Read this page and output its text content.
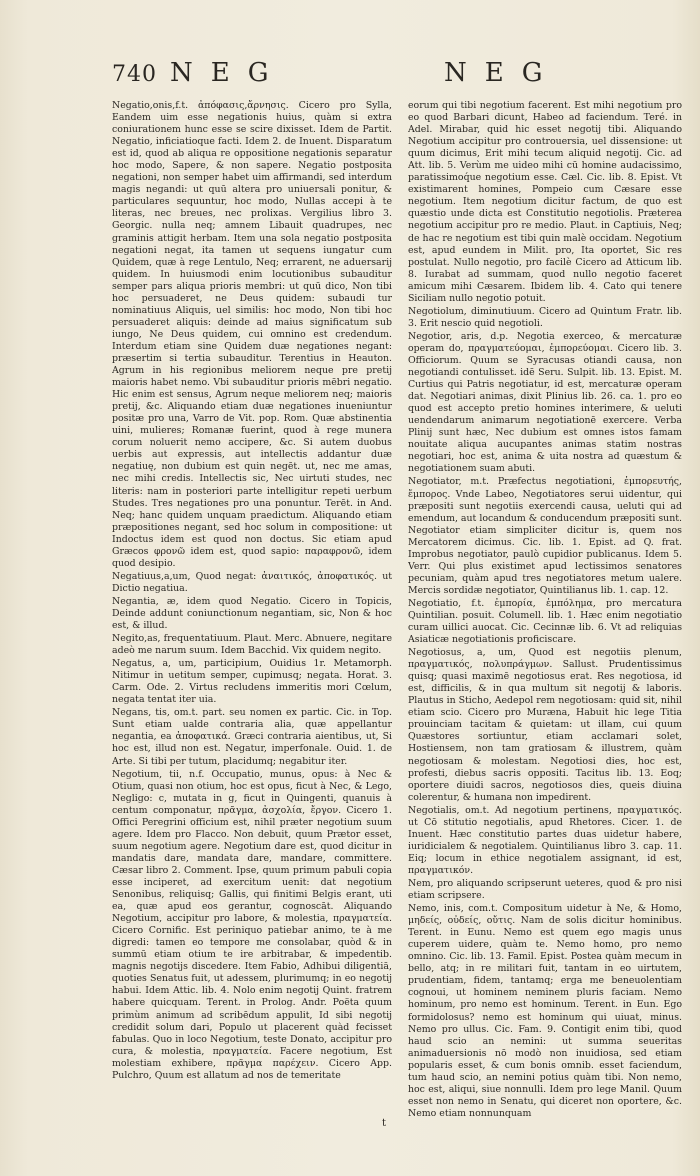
740 NEG	NEG

Negatio,onis,f.t. ἀπόφασις,ἄρνησις. Cicero pro Sylla, Eandem uim esse negationis huius, quàm si extra coniurationem hunc esse se scire dixisset. Idem de Partit. Negatio, inficiatioque facti. Idem 2. de Inuent. Disparatum est id, quod ab aliqua re oppositione negationis separatur hoc modo, Sapere, & non sapere. Negatio postposita negationi, non semper habet uim affirmandi, sed interdum magis negandi: ut quū altera pro uniuersali ponitur, & particulares sequuntur, hoc modo, Nullas accepi à te literas, nec breues, nec prolixas. Vergilius libro 3. Georgic. nulla neq; amnem Libauit quadrupes, nec graminis attigit herbam. Item una sola negatio postposita negationi negat, ita tamen ut sequens iungatur cum Quidem, quæ à rege Lentulo, Neq; errarent, ne aduersarij quidem. In huiusmodi enim locutionibus subauditur semper pars aliqua prioris membri: ut quū dico, Non tibi hoc persuaderet, ne Deus quidem: subaudi tur nominatiuus Aliquis, uel similis: hoc modo, Non tibi hoc persuaderet aliquis: deinde ad maius significatum sub iungo, Ne Deus quidem, cui omnino est credendum. Interdum etiam sine Quidem duæ negationes negant: præsertim si tertia subauditur. Terentius in Heauton. Agrum in his regionibus meliorem neque pre pretij maioris habet nemo. Vbi subauditur prioris mēbri negatio. Hic enim est sensus, Agrum neque meliorem neq; maioris pretij, &c. Aliquando etiam duæ negationes inueniuntur positæ pro una, Varro de Vit. pop. Rom. Quæ abstinentia uini, mulieres; Romanæ fuerint, quod à rege munera corum noluerit nemo accipere, &c. Si autem duobus uerbis aut expressis, aut intellectis addantur duæ negatiuę, non dubium est quin negēt. ut, nec me amas, nec mihi credis. Intellectis sic, Nec uirtuti studes, nec literis: nam in posteriori parte intelligitur repeti uerbum Studes. Tres negationes pro una ponuntur. Terēt. in And. Neq; hanc quidem unquam praedictum. Aliquando etiam præpositiones negant, sed hoc solum in compositione: ut Indoctus idem est quod non doctus. Sic etiam apud Græcos φρονῶ idem est, quod sapio: παραφρονῶ, idem quod desipio.

Negatiuus,a,um, Quod negat: ἀναιτικός, ἀποφατικός. ut Dictio negatiua.

Negantia, æ, idem quod Negatio. Cicero in Topicis, Deinde addunt coniunctionum negantiam, sic, Non & hoc est, & illud.

Negito,as, frequentatiuum. Plaut. Merc. Abnuere, negitare adeò me narum suum. Idem Bacchid. Vix quidem negito.

Negatus, a, um, participium, Ouidius 1r. Metamorph. Nitimur in uetitum semper, cupimusq; negata. Horat. 3. Carm. Ode. 2. Virtus recludens immeritis mori Cœlum, negata tentat iter uia.

Negans, tis, om.t. part. seu nomen ex partic. Cic. in Top. Sunt etiam ualde contraria alia, quæ appellantur negantia, ea ἀποφατικά. Græci contraria aientibus, ut, Si hoc est, illud non est. Negatur, imperfonale. Ouid. 1. de Arte. Si tibi per tutum, placidumq; negabitur iter.

Negotium, tii, n.f. Occupatio, munus, opus: à Nec & Otium, quasi non otium, hoc est opus, ficut à Nec, & Lego, Negligo: c, mutata in g, ficut in Quingenti, quanuis à centum componatur, πρᾶγμα, ἀσχολία, ἔργον. Cicero 1. Offici Peregrini officium est, nihil præter negotium suum agere. Idem pro Flacco. Non debuit, quum Prætor esset, suum negotium agere. Negotium dare est, quod dicitur in mandatis dare, mandata dare, mandare, committere. Cæsar libro 2. Comment. Ipse, quum primum pabuli copia esse inciperet, ad exercitum uenit: dat negotium Senonibus, reliquisq; Gallis, qui finitimi Belgis erant, uti ea, quæ apud eos gerantur, cognoscāt. Aliquando Negotium, accipitur pro labore, & molestia, πραγματεία. Cicero Cornific. Est periniquo patiebar animo, te à me digredi: tamen eo tempore me consolabar, quòd & in summū etiam otium te ire arbitrabar, & impedentib. magnis negotijs discedere. Item Fabio, Adhibui diligentiā, quoties Senatus fuit, ut adessem, plurimumq; in eo negotij habui. Idem Attic. lib. 4. Nolo enim negotij Quint. fratrem habere quicquam. Terent. in Prolog. Andr. Poëta quum primùm animum ad scribēdum appulit, Id sibi negotij credidit solum dari, Populo ut placerent quàd fecisset fabulas. Quo in loco Negotium, teste Donato, accipitur pro cura, & molestia, πραγματεία. Facere negotium, Est molestiam exhibere, πρᾶγμα παρέχειν. Cicero App. Pulchro, Quum est allatum ad nos de temeritate

eorum qui tibi negotium facerent. Est mihi negotium pro eo quod Barbari dicunt, Habeo ad faciendum. Teré. in Adel. Mirabar, quid hic esset negotij tibi. Aliquando Negotium accipitur pro controuersia, uel dissensione: ut quum dicimus, Erit mihi tecum aliquid negotij. Cic. ad Att. lib. 5. Verùm me uideo mihi cū homine audacissimo, paratissimoq́ue negotium esse. Cæl. Cic. lib. 8. Epist. Vt existimarent homines, Pompeio cum Cæsare esse negotium. Item negotium dicitur factum, de quo est quæstio unde dicta est Constitutio negotiolis. Præterea negotium accipitur pro re medio. Plaut. in Captiuis, Neq; de hac re negotium est tibi quin malè occidam. Negotium est, apud eundem in Milit. pro, Ita oportet, Sic res postulat. Nullo negotio, pro facilè Cicero ad Atticum lib. 8. Iurabat ad summam, quod nullo negotio faceret amicum mihi Cæsarem. Ibidem lib. 4. Cato qui tenere Siciliam nullo negotio potuit.

Negotiolum, diminutiuum. Cicero ad Quintum Fratr. lib. 3. Erit nescio quid negotioli.

Negotior, aris, d.p. Negotia exerceo, & mercaturæ operam do, πραγματεύομαι, ἐμπορεύομαι. Cicero lib. 3. Officiorum. Quum se Syracusas otiandi causa, non negotiandi contulisset. idē Seru. Sulpit. lib. 13. Epist. M. Curtius qui Patris negotiatur, id est, mercaturæ operam dat. Negotiari animas, dixit Plinius lib. 26. ca. 1. pro eo quod est accepto pretio homines interimere, & ueluti uendendarum animarum negotiationē exercere. Verba Plinij sunt hæc, Nec dubium est omnes istos famam nouitate aliqua aucupantes animas statim nostras negotiari, hoc est, anima & uita nostra ad quæstum & negotiationem suam abuti.

Negotiator, m.t. Præfectus negotiationi, ἐμπορευτής, ἔμπορος. Vnde Labeo, Negotiatores serui uidentur, qui præpositi sunt negotiis exercendi causa, ueluti qui ad emendum, aut locandum & conducendum præpositi sunt. Negotiator etiam simpliciter dicitur is, quem nos Mercatorem dicimus. Cic. lib. 1. Epist. ad Q. frat. Improbus negotiator, paulò cupidior publicanus. Idem 5. Verr. Qui plus existimet apud lectissimos senatores pecuniam, quàm apud tres negotiatores metum ualere. Mercis sordidæ negotiator, Quintilianus lib. 1. cap. 12.

Negotiatio, f.t. ἐμπορία, ἐμπόλημα, pro mercatura Quintilian. posuit. Columell. lib. 1. Hæc enim negotiatio curam uillici auocat. Cic. Cecinnæ lib. 6. Vt ad reliquias Asiaticæ negotiationis proficiscare.

Negotiosus, a, um, Quod est negotiis plenum, πραγματικός, πολυπράγμων. Sallust. Prudentissimus quisq; quasi maximē negotiosus erat. Res negotiosa, id est, difficilis, & in qua multum sit negotij & laboris. Plautus in Sticho, Aedepol rem negotiosam: quid sit, nihil etiam scio. Cicero pro Muræna, Habuit hic lege Titia prouinciam tacitam & quietam: ut illam, cui quum Quæstores sortiuntur, etiam acclamari solet, Hostiensem, non tam gratiosam & illustrem, quàm negotiosam & molestam. Negotiosi dies, hoc est, profesti, diebus sacris oppositi. Tacitus lib. 13. Eoq; oportere diuidi sacros, negotiosos dies, queis diuina colerentur, & humana non impedirent.

Negotialis, om.t. Ad negotium pertinens, πραγματικός. ut Cō stitutio negotialis, apud Rhetores. Cicer. 1. de Inuent. Hæc constitutio partes duas uidetur habere, iuridicialem & negotialem. Quintilianus libro 3. cap. 11. Eiq; locum in ethice negotialem assignant, id est, πραγματικόν.

Nem, pro aliquando scripserunt ueteres, quod & pro nisi etiam scripsere.

Nemo, inis, com.t. Compositum uidetur à Ne, & Homo, μηδείς, οὐδείς, οὔτις. Nam de solis dicitur hominibus. Terent. in Eunu. Nemo est quem ego magis unus cuperem uidere, quàm te. Nemo homo, pro nemo omnino. Cic. lib. 13. Famil. Epist. Postea quàm mecum in bello, atq; in re militari fuit, tantam in eo uirtutem, prudentiam, fidem, tantamq; erga me beneuolentiam cognoui, ut hominem neminem pluris faciam. Nemo hominum, pro nemo est hominum. Terent. in Eun. Ego formidolosus? nemo est hominum qui uiuat, minus. Nemo pro ullus. Cic. Fam. 9. Contigit enim tibi, quod haud scio an nemini: ut summa seueritas animaduersionis nō modò non inuidiosa, sed etiam popularis esset, & cum bonis omnib. esset faciendum, tum haud scio, an nemini potius quàm tibi. Non nemo, hoc est, aliqui, siue nonnulli. Idem pro lege Manil. Quum esset non nemo in Senatu, qui diceret non oportere, &c. Nemo etiam nonnunquam

t
